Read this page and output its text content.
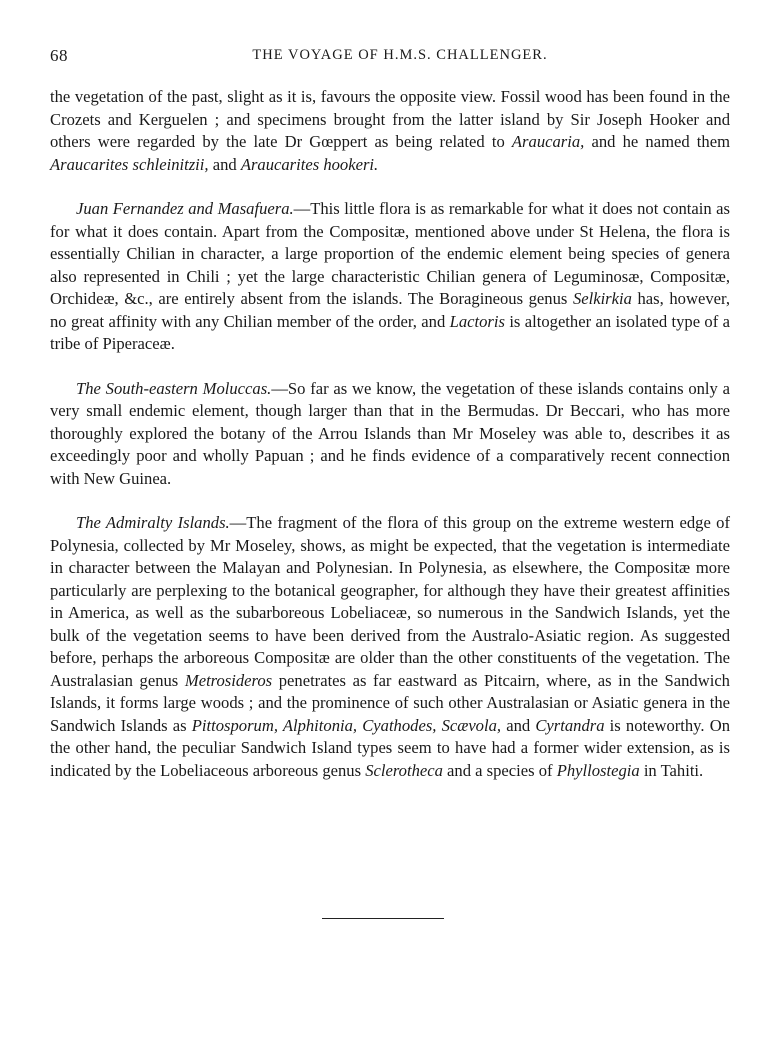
68	THE VOYAGE OF H.M.S. CHALLENGER.

the vegetation of the past, slight as it is, favours the opposite view. Fossil wood has been found in the Crozets and Kerguelen ; and specimens brought from the latter island by Sir Joseph Hooker and others were regarded by the late Dr Gœppert as being related to Araucaria, and he named them Araucarites schleinitzii, and Araucarites hookeri.

Juan Fernandez and Masafuera.—This little flora is as remarkable for what it does not contain as for what it does contain. Apart from the Compositæ, mentioned above under St Helena, the flora is essentially Chilian in character, a large proportion of the endemic element being species of genera also represented in Chili ; yet the large characteristic Chilian genera of Leguminosæ, Compositæ, Orchideæ, &c., are entirely absent from the islands. The Boragineous genus Selkirkia has, however, no great affinity with any Chilian member of the order, and Lactoris is altogether an isolated type of a tribe of Piperaceæ.

The South-eastern Moluccas.—So far as we know, the vegetation of these islands contains only a very small endemic element, though larger than that in the Bermudas. Dr Beccari, who has more thoroughly explored the botany of the Arrou Islands than Mr Moseley was able to, describes it as exceedingly poor and wholly Papuan ; and he finds evidence of a comparatively recent connection with New Guinea.

The Admiralty Islands.—The fragment of the flora of this group on the extreme western edge of Polynesia, collected by Mr Moseley, shows, as might be expected, that the vegetation is intermediate in character between the Malayan and Polynesian. In Polynesia, as elsewhere, the Compositæ more particularly are perplexing to the botanical geographer, for although they have their greatest affinities in America, as well as the subarboreous Lobeliaceæ, so numerous in the Sandwich Islands, yet the bulk of the vegetation seems to have been derived from the Australo-Asiatic region. As suggested before, perhaps the arboreous Compositæ are older than the other constituents of the vegetation. The Australasian genus Metrosideros penetrates as far eastward as Pitcairn, where, as in the Sandwich Islands, it forms large woods ; and the prominence of such other Australasian or Asiatic genera in the Sandwich Islands as Pittosporum, Alphitonia, Cyathodes, Scævola, and Cyrtandra is noteworthy. On the other hand, the peculiar Sandwich Island types seem to have had a former wider extension, as is indicated by the Lobeliaceous arboreous genus Sclerotheca and a species of Phyllostegia in Tahiti.
